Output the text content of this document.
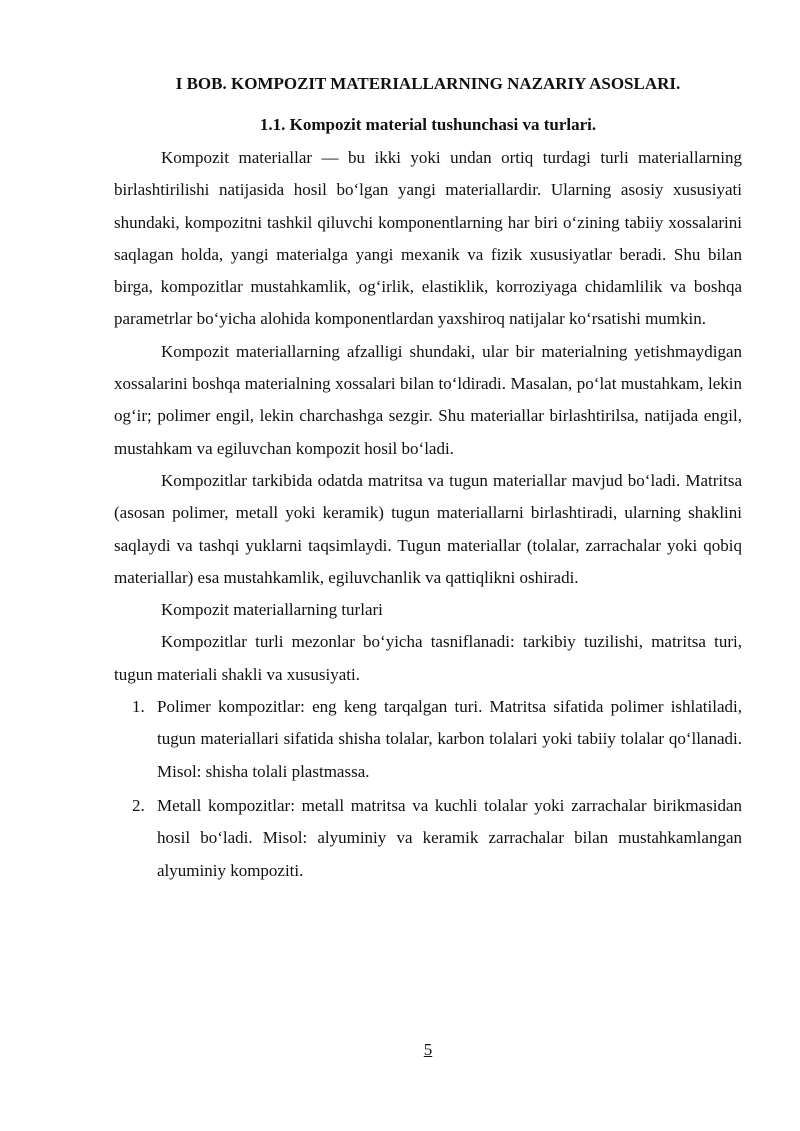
I BOB. KOMPOZIT MATERIALLARNING NAZARIY ASOSLARI.
1.1. Kompozit material tushunchasi va turlari.

Kompozit materiallar — bu ikki yoki undan ortiq turdagi turli materiallarning birlashtirilishi natijasida hosil bo‘lgan yangi materiallardir. Ularning asosiy xususiyati shundaki, kompozitni tashkil qiluvchi komponentlarning har biri o‘zining tabiiy xossalarini saqlagan holda, yangi materialga yangi mexanik va fizik xususiyatlar beradi. Shu bilan birga, kompozitlar mustahkamlik, og‘irlik, elastiklik, korroziyaga chidamlilik va boshqa parametrlar bo‘yicha alohida komponentlardan yaxshiroq natijalar ko‘rsatishi mumkin.

Kompozit materiallarning afzalligi shundaki, ular bir materialning yetishmaydigan xossalarini boshqa materialning xossalari bilan to‘ldiradi. Masalan, po‘lat mustahkam, lekin og‘ir; polimer engil, lekin charchashga sezgir. Shu materiallar birlashtirilsa, natijada engil, mustahkam va egiluvchan kompozit hosil bo‘ladi.

Kompozitlar tarkibida odatda matritsa va tugun materiallar mavjud bo‘ladi. Matritsa (asosan polimer, metall yoki keramik) tugun materiallarni birlashtiradi, ularning shaklini saqlaydi va tashqi yuklarni taqsimlaydi. Tugun materiallar (tolalar, zarrachalar yoki qobiq materiallar) esa mustahkamlik, egiluvchanlik va qattiqlikni oshiradi.

Kompozit materiallarning turlari

Kompozitlar turli mezonlar bo‘yicha tasniflanadi: tarkibiy tuzilishi, matritsa turi, tugun materiali shakli va xususiyati.

1. Polimer kompozitlar: eng keng tarqalgan turi. Matritsa sifatida polimer ishlatiladi, tugun materiallari sifatida shisha tolalar, karbon tolalari yoki tabiiy tolalar qo‘llanadi. Misol: shisha tolali plastmassa.
2. Metall kompozitlar: metall matritsa va kuchli tolalar yoki zarrachalar birikmasidan hosil bo‘ladi. Misol: alyuminiy va keramik zarrachalar bilan mustahkamlangan alyuminiy kompoziti.
5
